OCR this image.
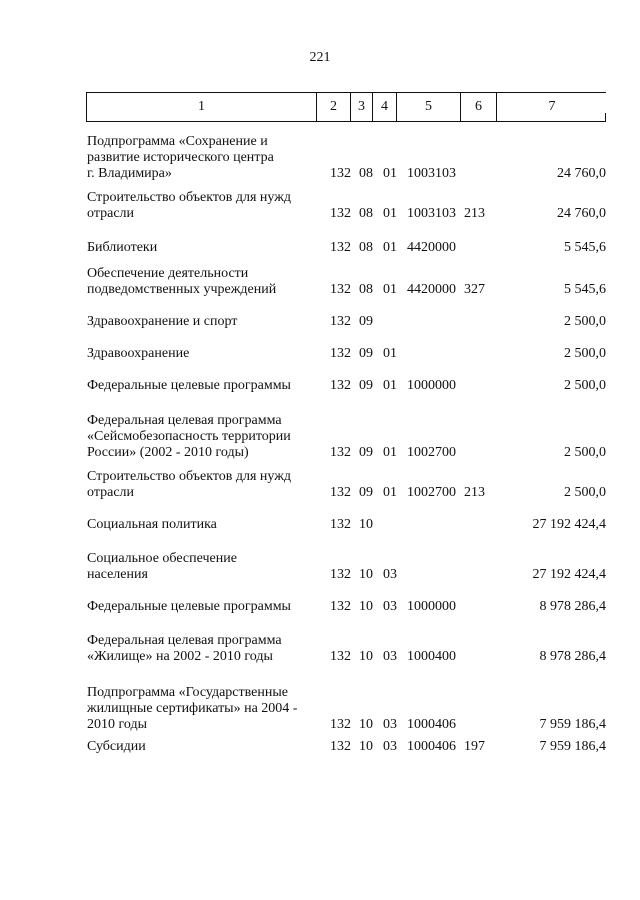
221
1	2	3	4	5	6	7
Подпрограмма «Сохранение и
развитие исторического центра
г. Владимира»	132 08 01 1003103	24 760,0
Строительство объектов для нужд
отрасли	132 08 01 1003103 213	24 760,0
Библиотеки	132 08 01 4420000	5 545,6
Обеспечение деятельности
подведомственных учреждений	132 08 01 4420000 327	5 545,6
Здравоохранение и спорт	132 09	2 500,0
Здравоохранение	132 09 01	2 500,0
Федеральные целевые программы	132 09 01 1000000	2 500,0
Федеральная целевая программа
«Сейсмобезопасность территории
России» (2002 - 2010 годы)	132 09 01 1002700	2 500,0
Строительство объектов для нужд
отрасли	132 09 01 1002700 213	2 500,0
Социальная политика	132 10	27 192 424,4
Социальное обеспечение
населения	132 10 03	27 192 424,4
Федеральные целевые программы	132 10 03 1000000	8 978 286,4
Федеральная целевая программа
«Жилище» на 2002 - 2010 годы	132 10 03 1000400	8 978 286,4
Подпрограмма «Государственные
жилищные сертификаты» на 2004 -
2010 годы	132 10 03 1000406	7 959 186,4
Субсидии	132 10 03 1000406 197	7 959 186,4
